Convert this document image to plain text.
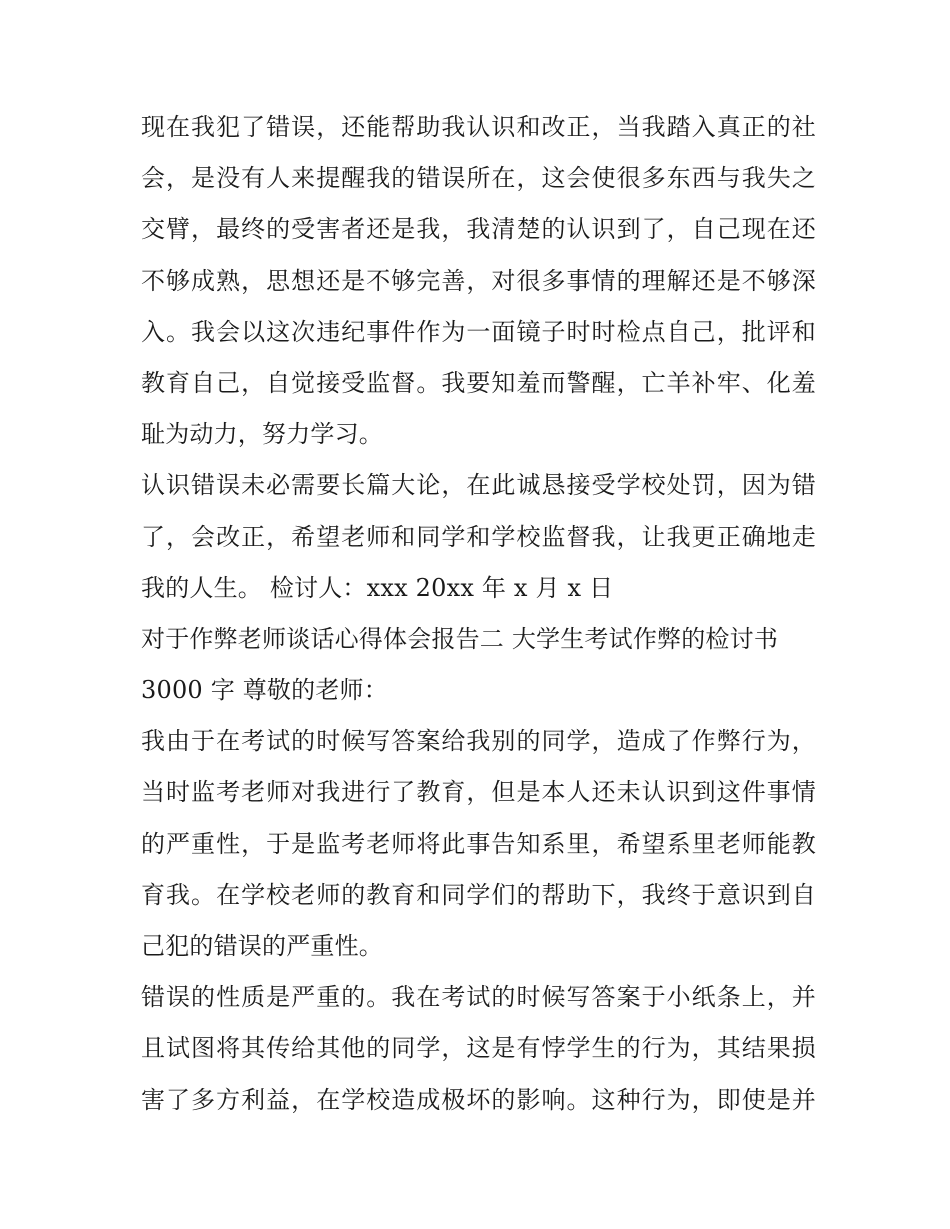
现在我犯了错误，还能帮助我认识和改正，当我踏入真正的社
会，是没有人来提醒我的错误所在，这会使很多东西与我失之
交臂，最终的受害者还是我，我清楚的认识到了，自己现在还
不够成熟，思想还是不够完善，对很多事情的理解还是不够深
入。我会以这次违纪事件作为一面镜子时时检点自己，批评和
教育自己，自觉接受监督。我要知羞而警醒，亡羊补牢、化羞
耻为动力，努力学习。
认识错误未必需要长篇大论，在此诚恳接受学校处罚，因为错
了，会改正，希望老师和同学和学校监督我，让我更正确地走
我的人生。 检讨人：xxx 20xx 年 x 月 x 日
对于作弊老师谈话心得体会报告二 大学生考试作弊的检讨书
3000 字 尊敬的老师：
我由于在考试的时候写答案给我别的同学，造成了作弊行为，
当时监考老师对我进行了教育，但是本人还未认识到这件事情
的严重性，于是监考老师将此事告知系里，希望系里老师能教
育我。在学校老师的教育和同学们的帮助下，我终于意识到自
己犯的错误的严重性。
错误的性质是严重的。我在考试的时候写答案于小纸条上，并
且试图将其传给其他的同学，这是有悖学生的行为，其结果损
害了多方利益，在学校造成极坏的影响。这种行为，即使是并
